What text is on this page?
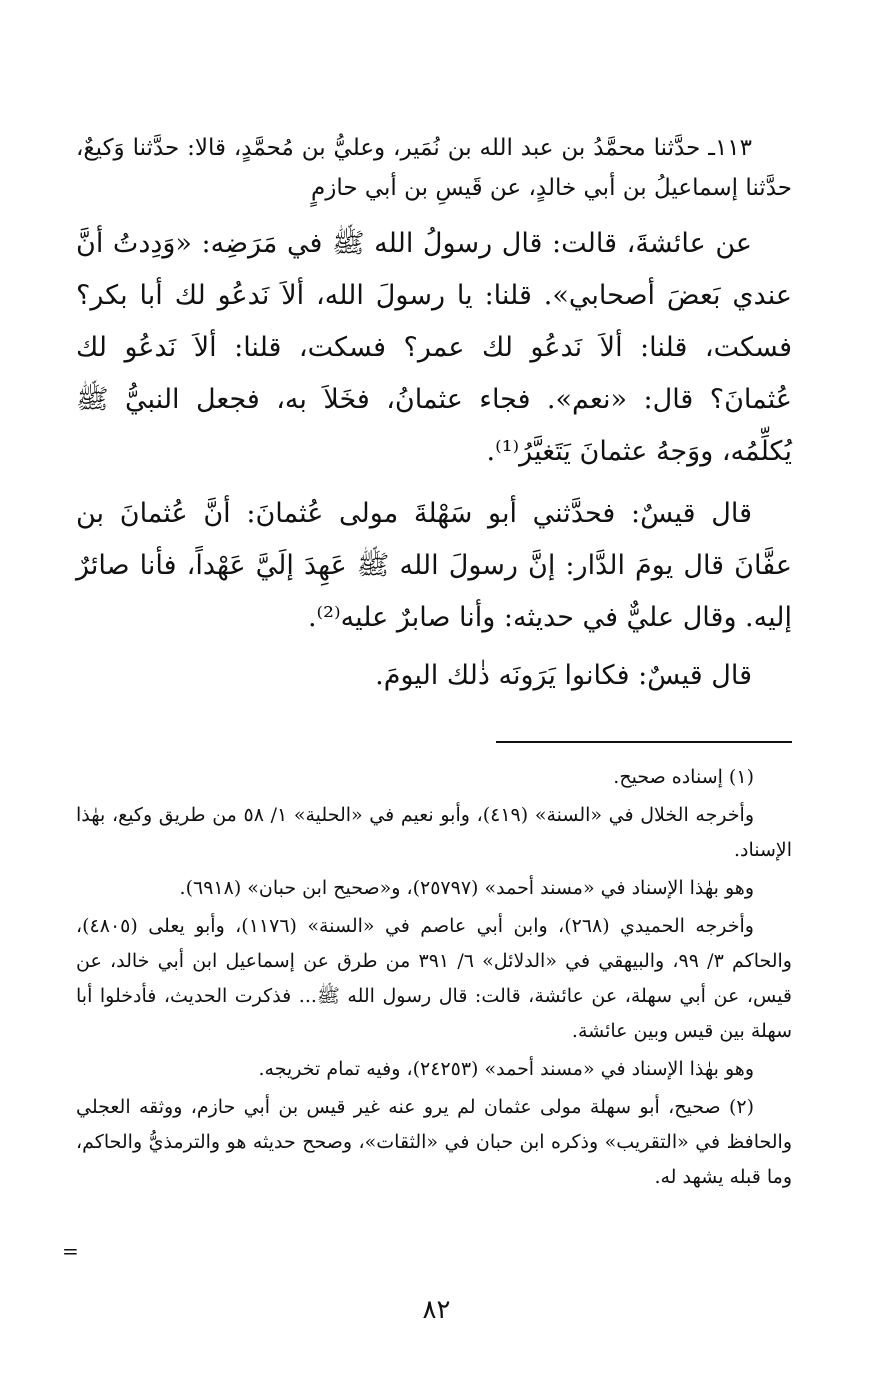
١١٣ـ حدَّثنا محمَّدُ بن عبد الله بن نُمَير، وعليُّ بن مُحمَّدٍ، قالا: حدَّثنا وَكيعٌ، حدَّثنا إسماعيلُ بن أبي خالدٍ، عن قَيسِ بن أبي حازمٍ

عن عائشةَ، قالت: قال رسولُ الله ﷺ في مَرَضِه: «وَدِدتُ أنَّ عندي بَعضَ أصحابي». قلنا: يا رسولَ الله، ألاَ نَدعُو لك أبا بكر؟ فسكت، قلنا: ألاَ نَدعُو لك عمر؟ فسكت، قلنا: ألاَ نَدعُو لك عُثمانَ؟ قال: «نعم». فجاء عثمانُ، فخَلاَ به، فجعل النبيُّ ﷺ يُكلِّمُه، ووَجهُ عثمانَ يَتَغيَّرُ⁽¹⁾.

قال قيسٌ: فحدَّثني أبو سَهْلةَ مولى عُثمانَ: أنَّ عُثمانَ بن عفَّانَ قال يومَ الدَّار: إنَّ رسولَ الله ﷺ عَهِدَ إلَيَّ عَهْداً، فأنا صائرٌ إليه. وقال عليٌّ في حديثه: وأنا صابرٌ عليه⁽²⁾.

قال قيسٌ: فكانوا يَرَونَه ذٰلك اليومَ.

(١) إسناده صحيح.

وأخرجه الخلال في «السنة» (٤١٩)، وأبو نعيم في «الحلية» ١/ ٥٨ من طريق وكيع، بهٰذا الإسناد.

وهو بهٰذا الإسناد في «مسند أحمد» (٢٥٧٩٧)، و«صحيح ابن حبان» (٦٩١٨).

وأخرجه الحميدي (٢٦٨)، وابن أبي عاصم في «السنة» (١١٧٦)، وأبو يعلى (٤٨٠٥)، والحاكم ٣/ ٩٩، والبيهقي في «الدلائل» ٦/ ٣٩١ من طرق عن إسماعيل ابن أبي خالد، عن قيس، عن أبي سهلة، عن عائشة، قالت: قال رسول الله ﷺ... فذكرت الحديث، فأدخلوا أبا سهلة بين قيس وبين عائشة.

وهو بهٰذا الإسناد في «مسند أحمد» (٢٤٢٥٣)، وفيه تمام تخريجه.

(٢) صحيح، أبو سهلة مولى عثمان لم يرو عنه غير قيس بن أبي حازم، ووثقه العجلي والحافظ في «التقريب» وذكره ابن حبان في «الثقات»، وصحح حديثه هو والترمذيُّ والحاكم، وما قبله يشهد له.

=
٨٢
